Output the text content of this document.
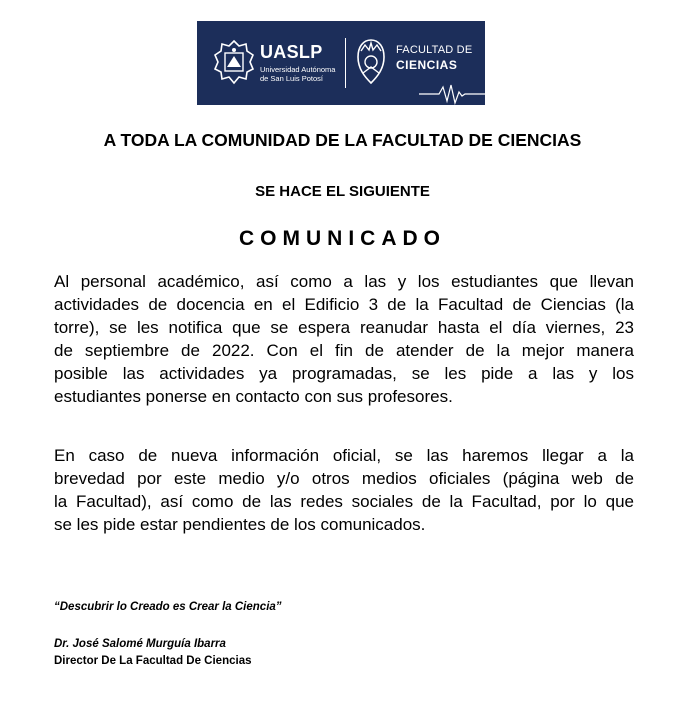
UASLP
Universidad Autónoma
de San Luis Potosí
FACULTAD DE
CIENCIAS
A TODA LA COMUNIDAD DE LA FACULTAD DE CIENCIAS
SE HACE EL SIGUIENTE
COMUNICADO
Al personal académico, así como a las y los estudiantes que llevan
actividades de docencia en el Edificio 3 de la Facultad de Ciencias (la
torre), se les notifica que se espera reanudar hasta el día viernes, 23
de septiembre de 2022. Con el fin de atender de la mejor manera
posible las actividades ya programadas, se les pide a las y los
estudiantes ponerse en contacto con sus profesores.
En caso de nueva información oficial, se las haremos llegar a la
brevedad por este medio y/o otros medios oficiales (página web de
la Facultad), así como de las redes sociales de la Facultad, por lo que
se les pide estar pendientes de los comunicados.
“Descubrir lo Creado es Crear la Ciencia”
Dr. José Salomé Murguía Ibarra
Director De La Facultad De Ciencias
